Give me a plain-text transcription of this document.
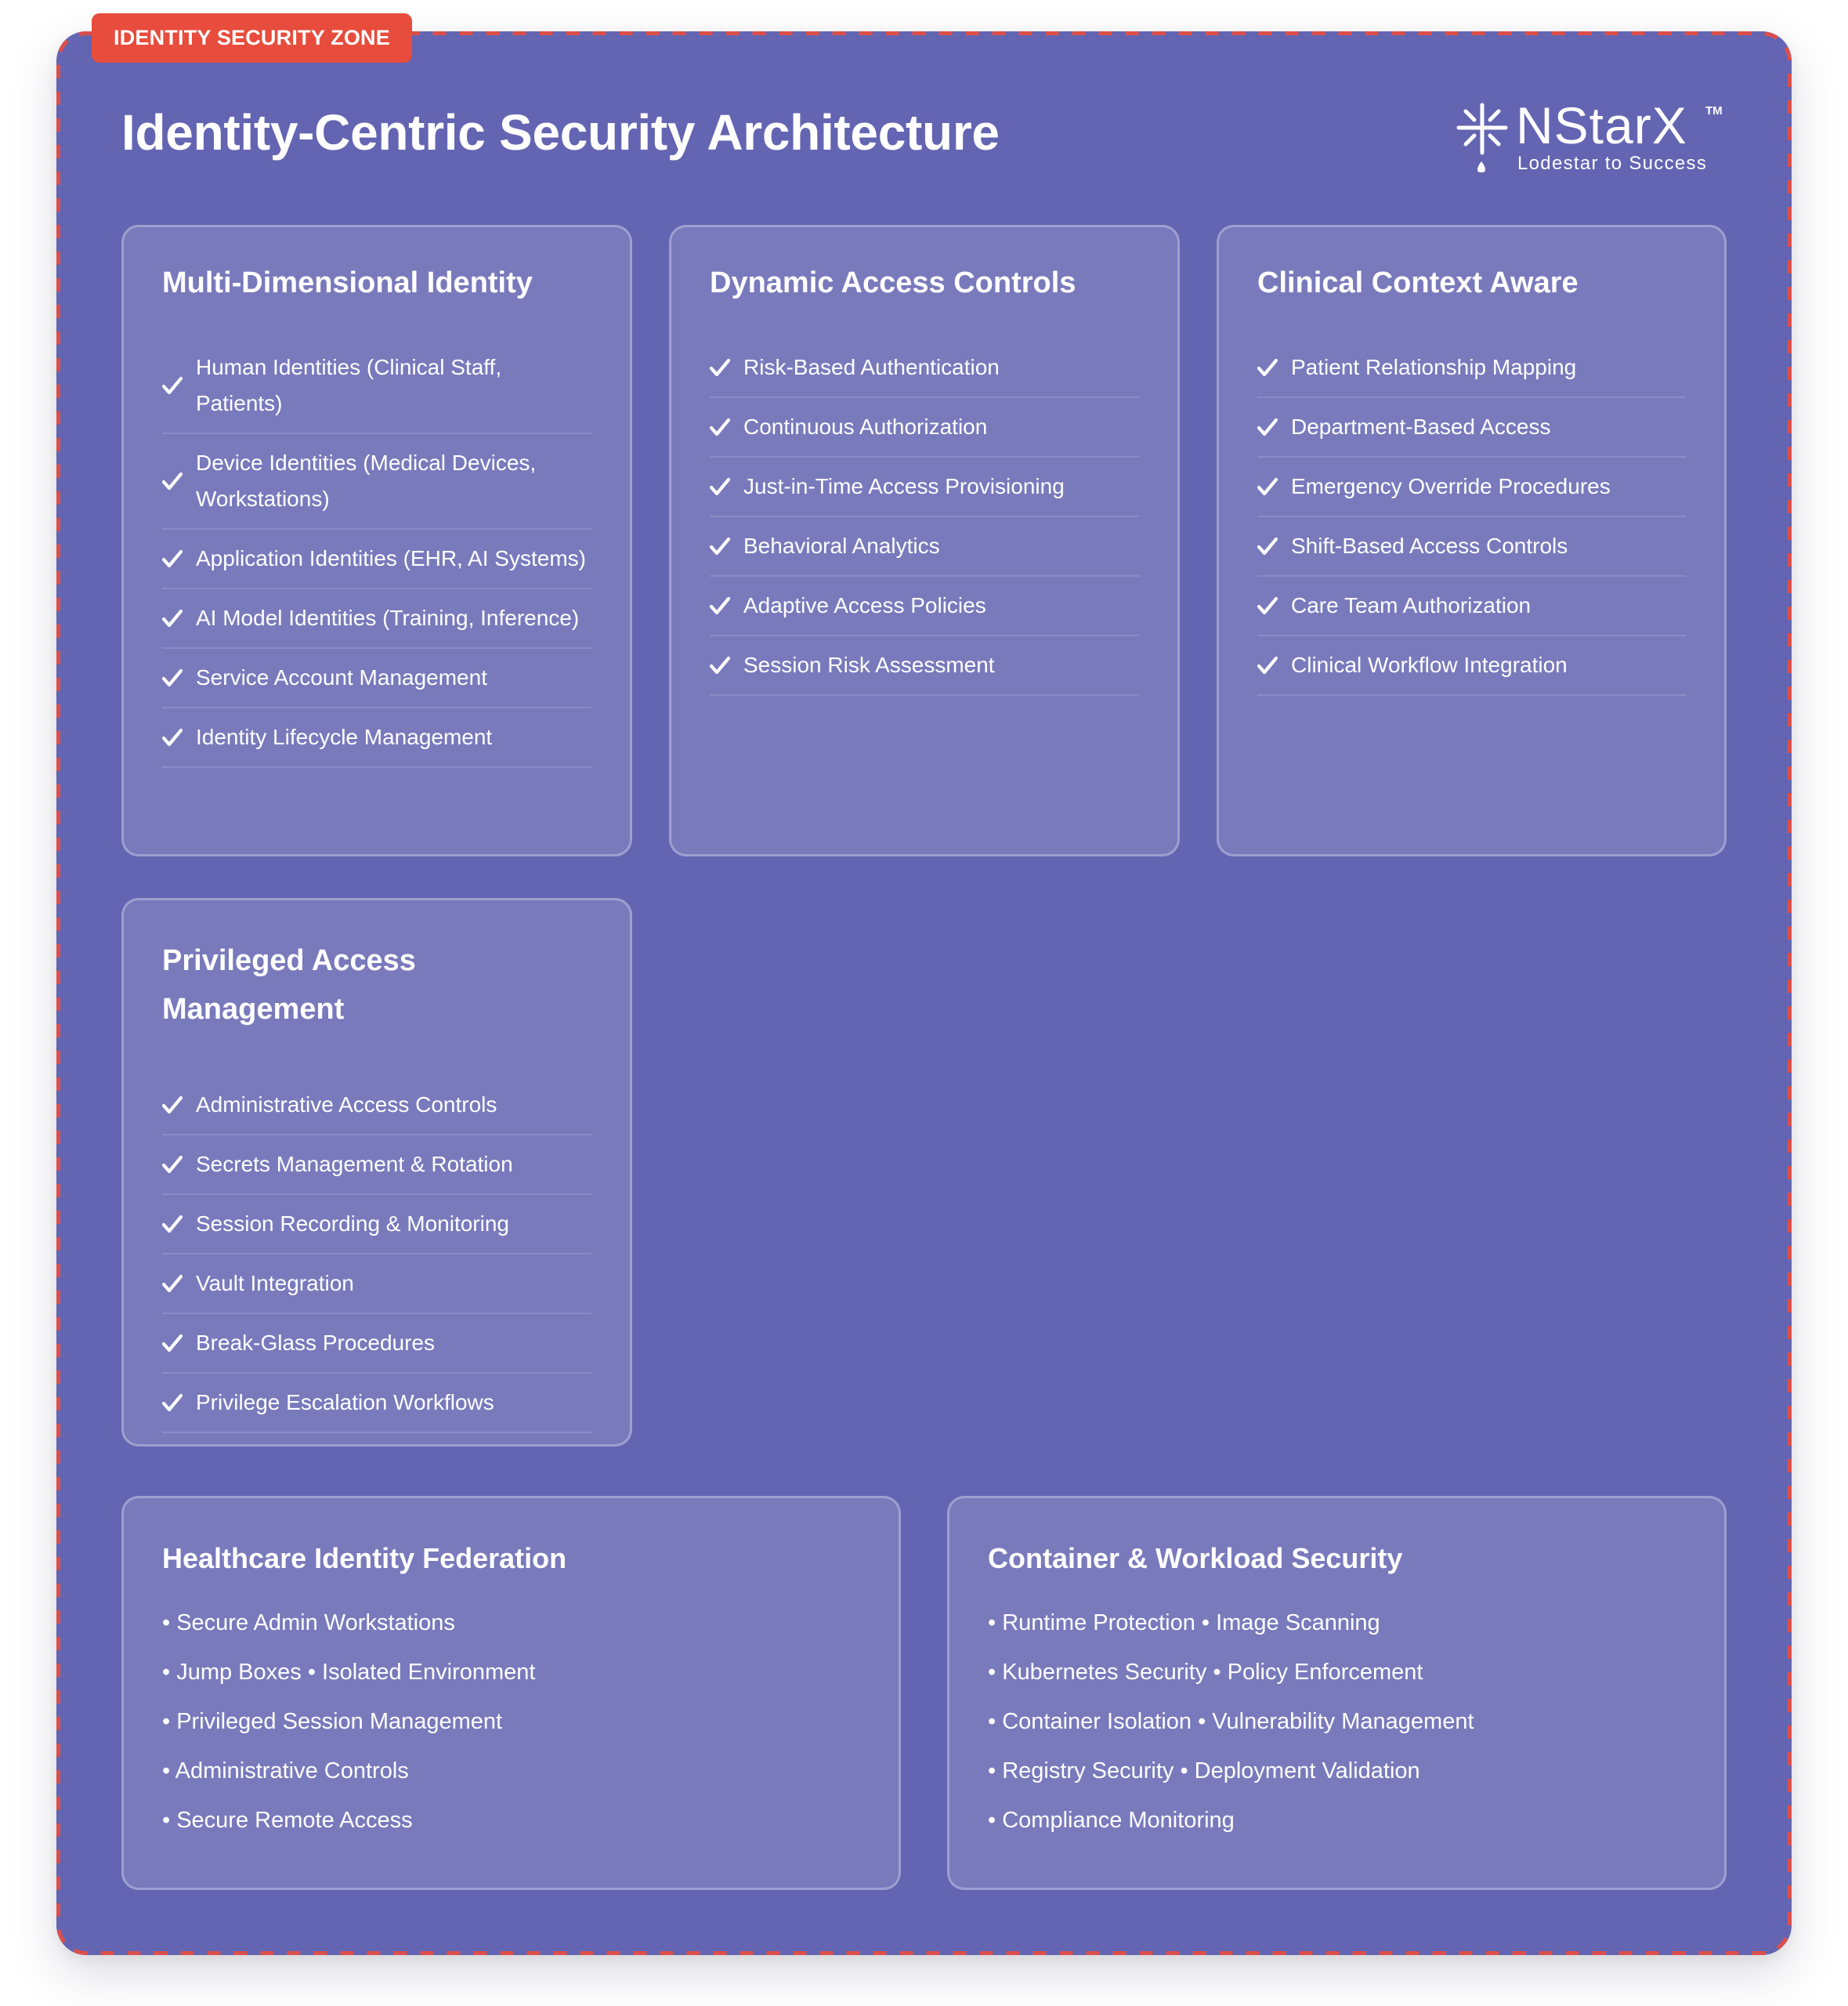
IDENTITY SECURITY ZONE
Identity-Centric Security Architecture	NStarX TM
Lodestar to Success
Multi-Dimensional Identity
Human Identities (Clinical Staff, Patients)
Device Identities (Medical Devices, Workstations)
Application Identities (EHR, AI Systems)
AI Model Identities (Training, Inference)
Service Account Management
Identity Lifecycle Management
Dynamic Access Controls
Risk-Based Authentication
Continuous Authorization
Just-in-Time Access Provisioning
Behavioral Analytics
Adaptive Access Policies
Session Risk Assessment
Clinical Context Aware
Patient Relationship Mapping
Department-Based Access
Emergency Override Procedures
Shift-Based Access Controls
Care Team Authorization
Clinical Workflow Integration
Privileged Access Management
Administrative Access Controls
Secrets Management & Rotation
Session Recording & Monitoring
Vault Integration
Break-Glass Procedures
Privilege Escalation Workflows
Healthcare Identity Federation
• Secure Admin Workstations
• Jump Boxes • Isolated Environment
• Privileged Session Management
• Administrative Controls
• Secure Remote Access
Container & Workload Security
• Runtime Protection • Image Scanning
• Kubernetes Security • Policy Enforcement
• Container Isolation • Vulnerability Management
• Registry Security • Deployment Validation
• Compliance Monitoring
